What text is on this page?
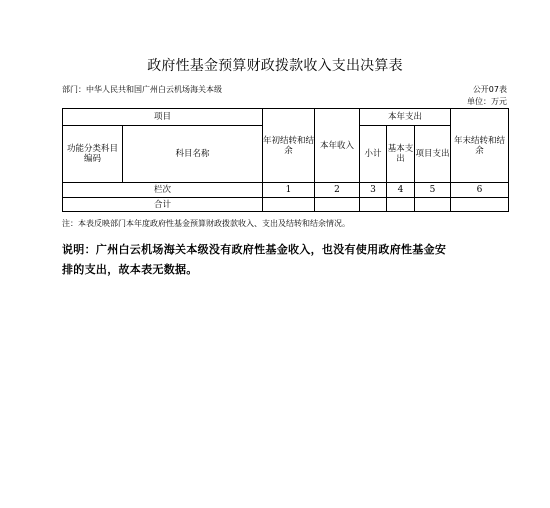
政府性基金预算财政拨款收入支出决算表
部门：中华人民共和国广州白云机场海关本级	公开07表
单位：万元
项目		年初结转和结余	本年收入	本年支出			年末结转和结余
功能分类科目编码	科目名称			小计	基本支出	项目支出	
栏次		1	2	3	4	5	6
合计							
注：本表反映部门本年度政府性基金预算财政拨款收入、支出及结转和结余情况。
说明：广州白云机场海关本级没有政府性基金收入，也没有使用政府性基金安排的支出，故本表无数据。
